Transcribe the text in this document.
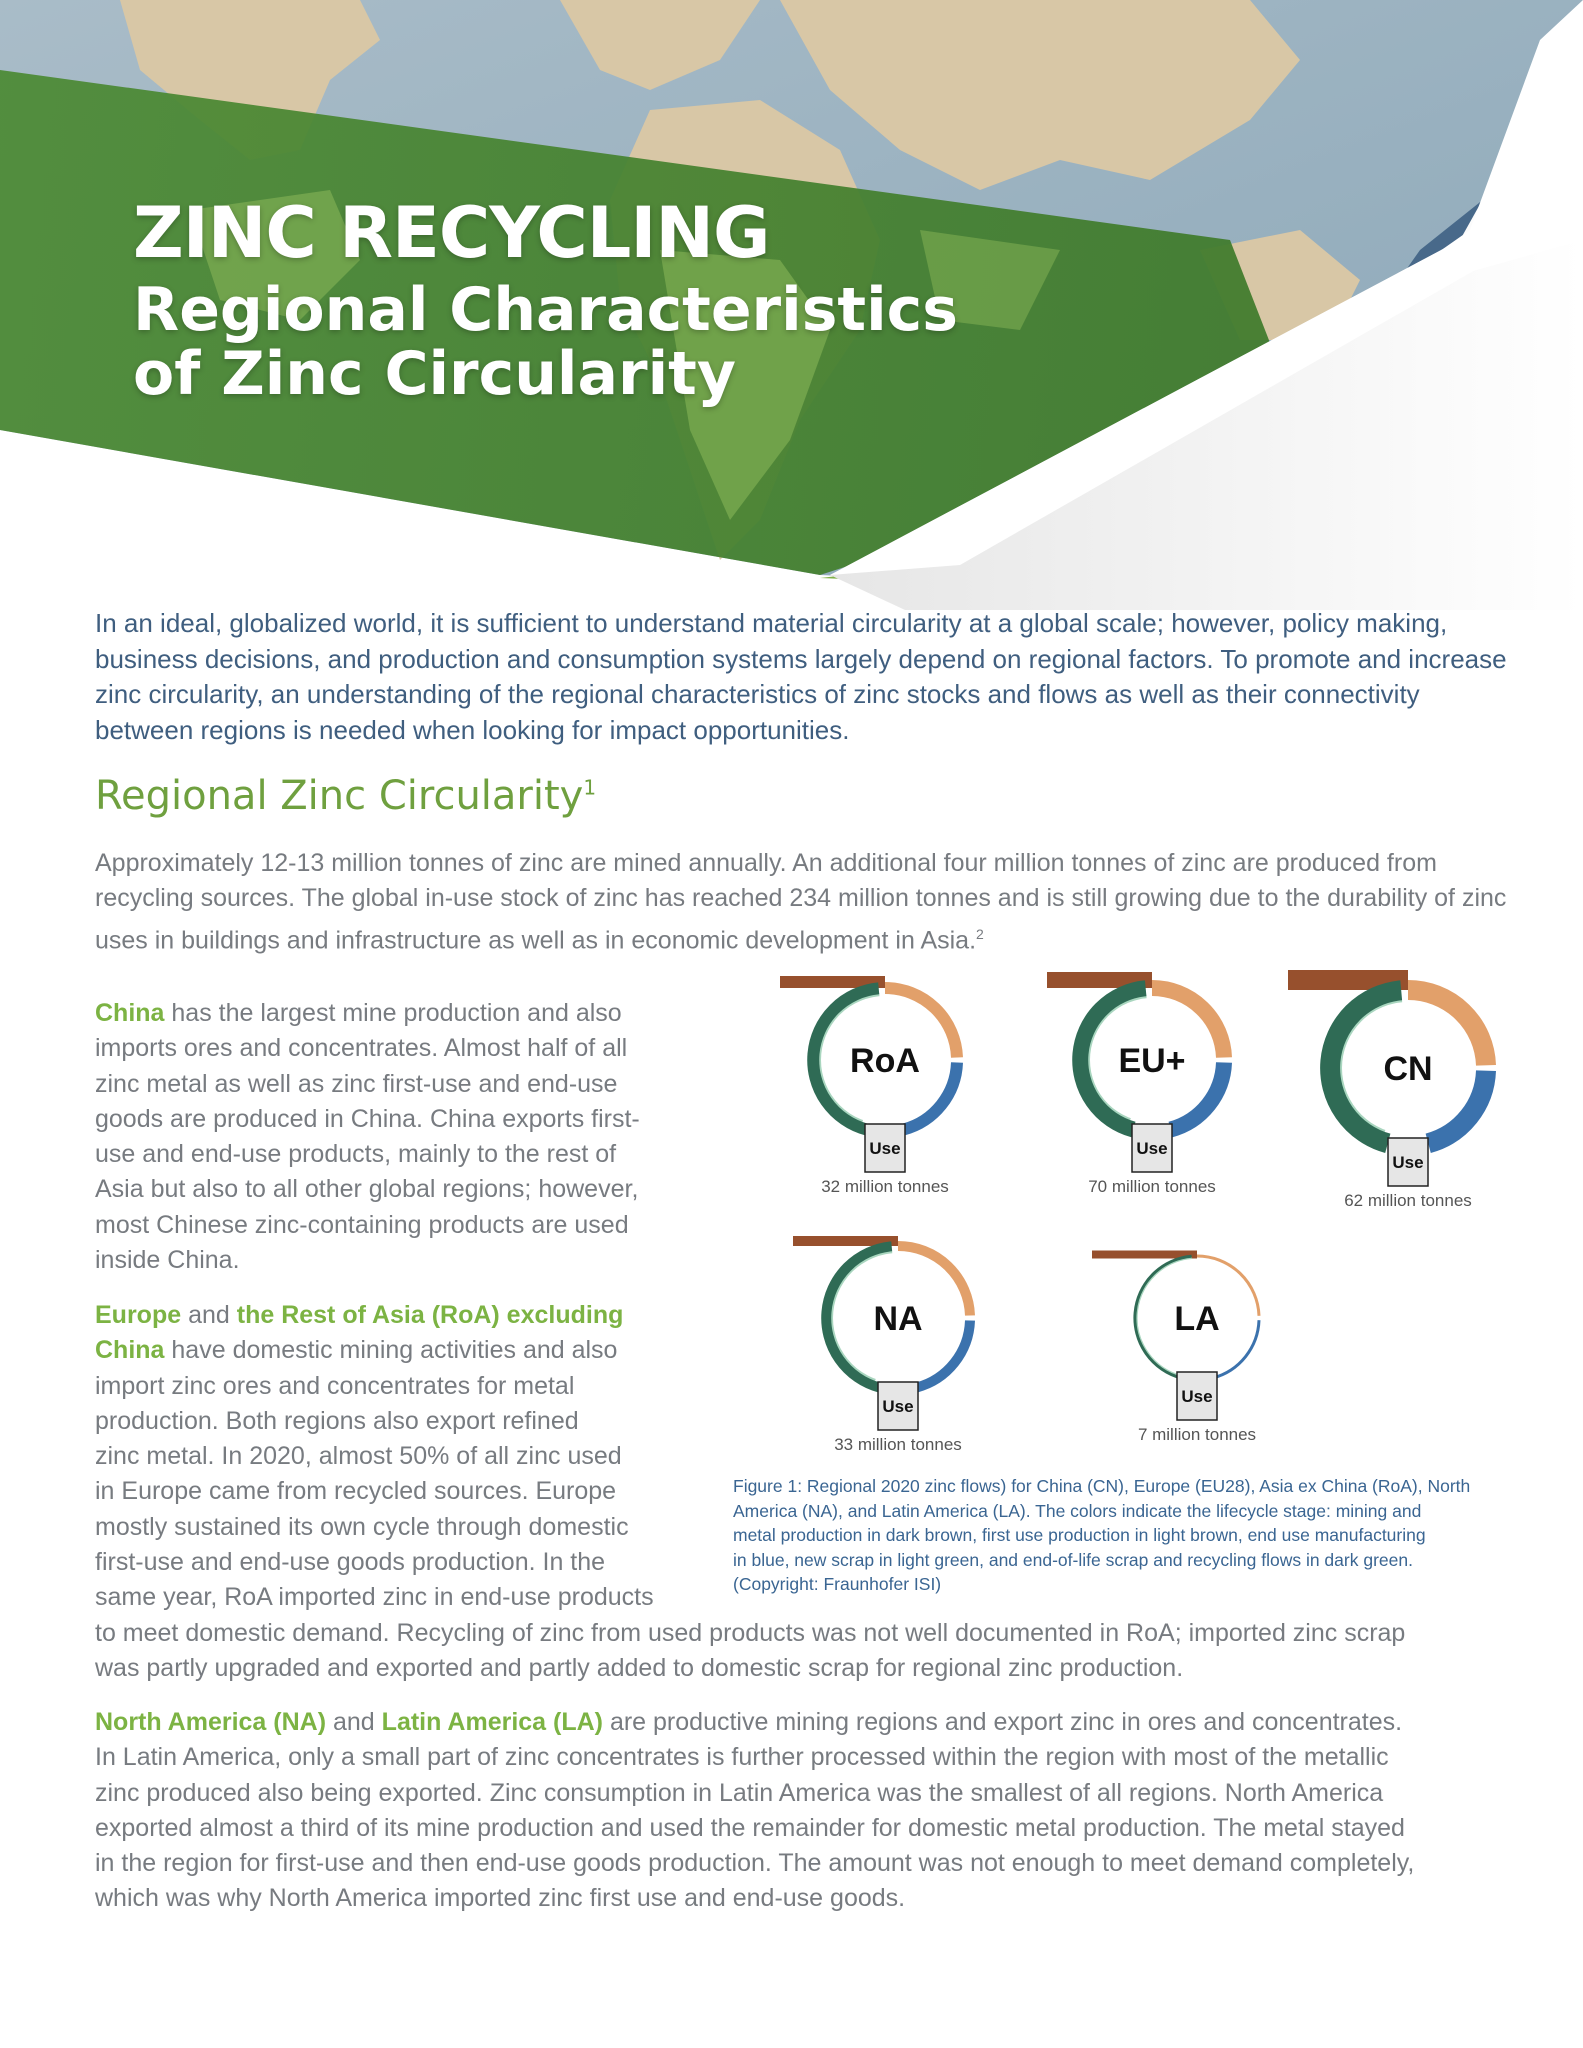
ZINC RECYCLING
Regional Characteristics
of Zinc Circularity

In an ideal, globalized world, it is sufficient to understand material circularity at a global scale; however, policy making, business decisions, and production and consumption systems largely depend on regional factors. To promote and increase zinc circularity, an understanding of the regional characteristics of zinc stocks and flows as well as their connectivity between regions is needed when looking for impact opportunities.

Regional Zinc Circularity$^1$

Approximately 12-13 million tonnes of zinc are mined annually. An additional four million tonnes of zinc are produced from recycling sources. The global in-use stock of zinc has reached 234 million tonnes and is still growing due to the durability of zinc uses in buildings and infrastructure as well as in economic development in Asia.$^2$

China has the largest mine production and also
imports ores and concentrates. Almost half of all
zinc metal as well as zinc first-use and end-use
goods are produced in China. China exports first-
use and end-use products, mainly to the rest of
Asia but also to all other global regions; however,
most Chinese zinc-containing products are used
inside China.
Europe and the Rest of Asia (RoA) excluding
China have domestic mining activities and also
import zinc ores and concentrates for metal
production. Both regions also export refined
zinc metal. In 2020, almost 50% of all zinc used
in Europe came from recycled sources. Europe
mostly sustained its own cycle through domestic
first-use and end-use goods production. In the
same year, RoA imported zinc in end-use products
to meet domestic demand. Recycling of zinc from used products was not well documented in RoA; imported zinc scrap
was partly upgraded and exported and partly added to domestic scrap for regional zinc production.
North America (NA) and Latin America (LA) are productive mining regions and export zinc in ores and concentrates.
In Latin America, only a small part of zinc concentrates is further processed within the region with most of the metallic
zinc produced also being exported. Zinc consumption in Latin America was the smallest of all regions. North America
exported almost a third of its mine production and used the remainder for domestic metal production. The metal stayed
in the region for first-use and then end-use goods production. The amount was not enough to meet demand completely,
which was why North America imported zinc first use and end-use goods.
RoA
Use
32 million tonnes
EU+
Use
70 million tonnes
CN
Use
62 million tonnes
NA
Use
33 million tonnes
LA
Use
7 million tonnes
Figure 1: Regional 2020 zinc flows) for China (CN), Europe (EU28), Asia ex China (RoA), North
America (NA), and Latin America (LA). The colors indicate the lifecycle stage: mining and
metal production in dark brown, first use production in light brown, end use manufacturing
in blue, new scrap in light green, and end-of-life scrap and recycling flows in dark green.
(Copyright: Fraunhofer ISI)
